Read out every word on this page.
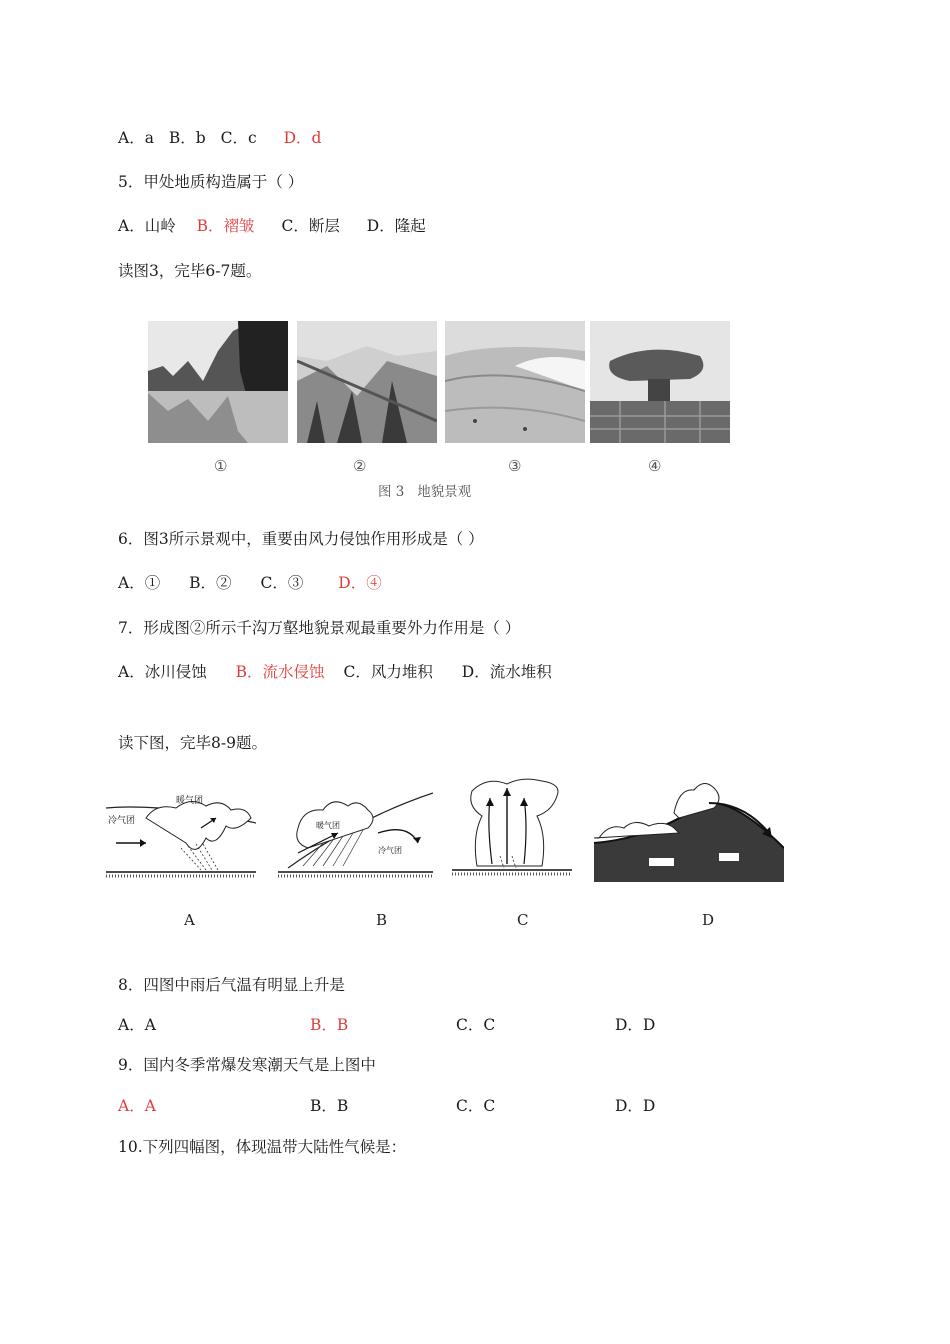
A．a B．b C．c D．d
5．甲处地质构造属于（ ）
A．山岭 B．褶皱 C．断层 D．隆起
读图3，完毕6-7题。
①	②	③	④
图 3   地貌景观
6．图3所示景观中，重要由风力侵蚀作用形成是（ ）
A．① B．② C．③ D．④
7．形成图②所示千沟万壑地貌景观最重要外力作用是（ ）
A．冰川侵蚀 B．流水侵蚀 C．风力堆积 D．流水堆积
读下图，完毕8-9题。
暖气团
冷气团	暖气团
冷气团
A	B	C	D
8．四图中雨后气温有明显上升是
A．A	B．B	C．C	D．D
9．国内冬季常爆发寒潮天气是上图中
A．A	B．B	C．C	D．D
10.下列四幅图，体现温带大陆性气候是：
